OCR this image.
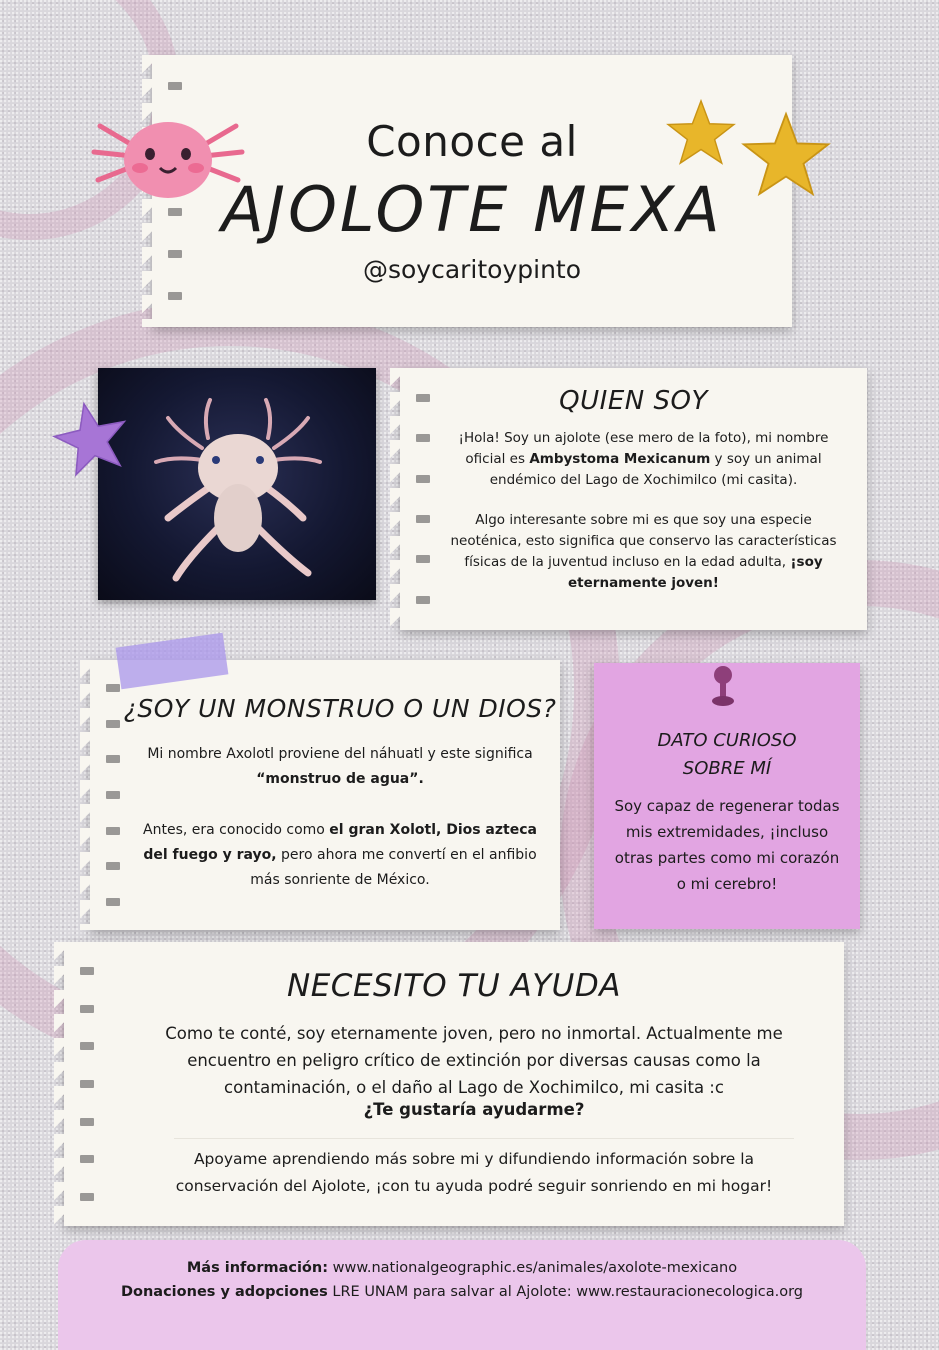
Conoce al
AJOLOTE MEXA
@soycaritoypinto
QUIEN SOY
¡Hola! Soy un ajolote (ese mero de la foto), mi nombre oficial es Ambystoma Mexicanum y soy un animal endémico del Lago de Xochimilco (mi casita).
Algo interesante sobre mi es que soy una especie neoténica, esto significa que conservo las características físicas de la juventud incluso en la edad adulta, ¡soy eternamente joven!
¿SOY UN MONSTRUO O UN DIOS?
Mi nombre Axolotl proviene del náhuatl y este significa “monstruo de agua”.
Antes, era conocido como el gran Xolotl, Dios azteca del fuego y rayo, pero ahora me convertí en el anfibio más sonriente de México.
DATO CURIOSO
SOBRE MÍ
Soy capaz de regenerar todas mis extremidades, ¡incluso otras partes como mi corazón o mi cerebro!
NECESITO TU AYUDA
Como te conté, soy eternamente joven, pero no inmortal. Actualmente me encuentro en peligro crítico de extinción por diversas causas como la contaminación, o el daño al Lago de Xochimilco, mi casita :c
¿Te gustaría ayudarme?
Apoyame aprendiendo más sobre mi y difundiendo información sobre la conservación del Ajolote, ¡con tu ayuda podré seguir sonriendo en mi hogar!
Más información: www.nationalgeographic.es/animales/axolote-mexicano
Donaciones y adopciones LRE UNAM para salvar al Ajolote: www.restauracionecologica.org
